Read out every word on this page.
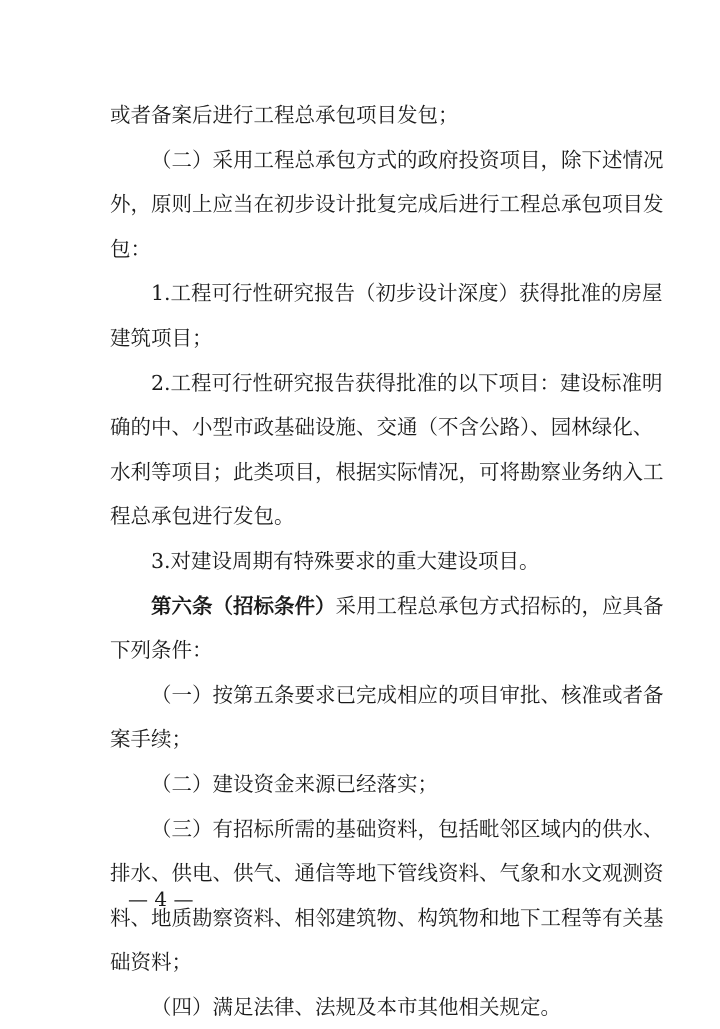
或者备案后进行工程总承包项目发包；
（二）采用工程总承包方式的政府投资项目，除下述情况
外，原则上应当在初步设计批复完成后进行工程总承包项目发
包：
1.工程可行性研究报告（初步设计深度）获得批准的房屋
建筑项目；
2.工程可行性研究报告获得批准的以下项目：建设标准明
确的中、小型市政基础设施、交通（不含公路）、园林绿化、
水利等项目；此类项目，根据实际情况，可将勘察业务纳入工
程总承包进行发包。
3.对建设周期有特殊要求的重大建设项目。
第六条（招标条件）采用工程总承包方式招标的，应具备
下列条件：
（一）按第五条要求已完成相应的项目审批、核准或者备
案手续；
（二）建设资金来源已经落实；
（三）有招标所需的基础资料，包括毗邻区域内的供水、
排水、供电、供气、通信等地下管线资料、气象和水文观测资
料、地质勘察资料、相邻建筑物、构筑物和地下工程等有关基
础资料；
（四）满足法律、法规及本市其他相关规定。
— 4 —
